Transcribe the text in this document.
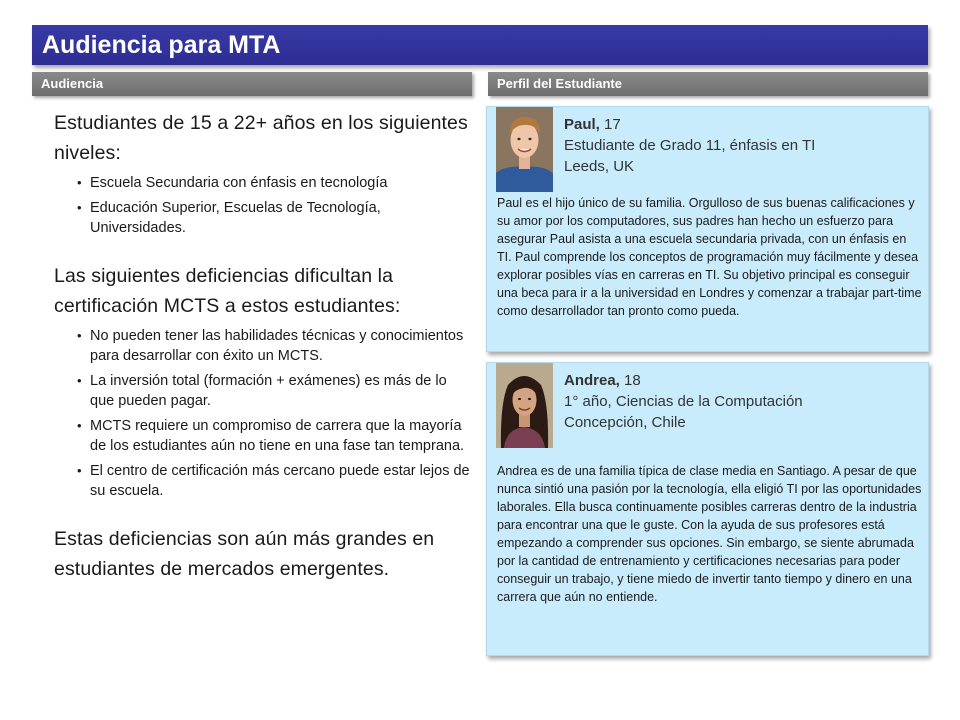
Audiencia para MTA
Audiencia	Perfil del Estudiante

Estudiantes de 15 a 22+ años en los siguientes niveles:

• Escuela Secundaria con énfasis en tecnología
• Educación Superior, Escuelas de Tecnología, Universidades.

Las siguientes deficiencias dificultan la certificación MCTS a estos estudiantes:

• No pueden tener las habilidades técnicas y conocimientos para desarrollar con éxito un MCTS.
• La inversión total (formación + exámenes) es más de lo que pueden pagar.
• MCTS requiere un compromiso de carrera que la mayoría de los estudiantes aún no tiene en una fase tan temprana.
• El centro de certificación más cercano puede estar lejos de su escuela.

Estas deficiencias son aún más grandes en estudiantes de mercados emergentes.

Paul, 17
Estudiante de Grado 11, énfasis en TI
Leeds, UK

Paul es el hijo único de su familia. Orgulloso de sus buenas calificaciones y su amor por los computadores, sus padres han hecho un esfuerzo para asegurar Paul asista a una escuela secundaria privada, con un énfasis en TI. Paul comprende los conceptos de programación muy fácilmente y desea explorar posibles vías en carreras en TI. Su objetivo principal es conseguir una beca para ir a la universidad en Londres y comenzar a trabajar part-time como desarrollador tan pronto como pueda.

Andrea, 18
1° año, Ciencias de la Computación
Concepción, Chile

Andrea es de una familia típica de clase media en Santiago. A pesar de que nunca sintió una pasión por la tecnología, ella eligió TI por las oportunidades laborales. Ella busca continuamente posibles carreras dentro de la industria para encontrar una que le guste. Con la ayuda de sus profesores está empezando a comprender sus opciones. Sin embargo, se siente abrumada por la cantidad de entrenamiento y certificaciones necesarias para poder conseguir un trabajo, y tiene miedo de invertir tanto tiempo y dinero en una carrera que aún no entiende.
